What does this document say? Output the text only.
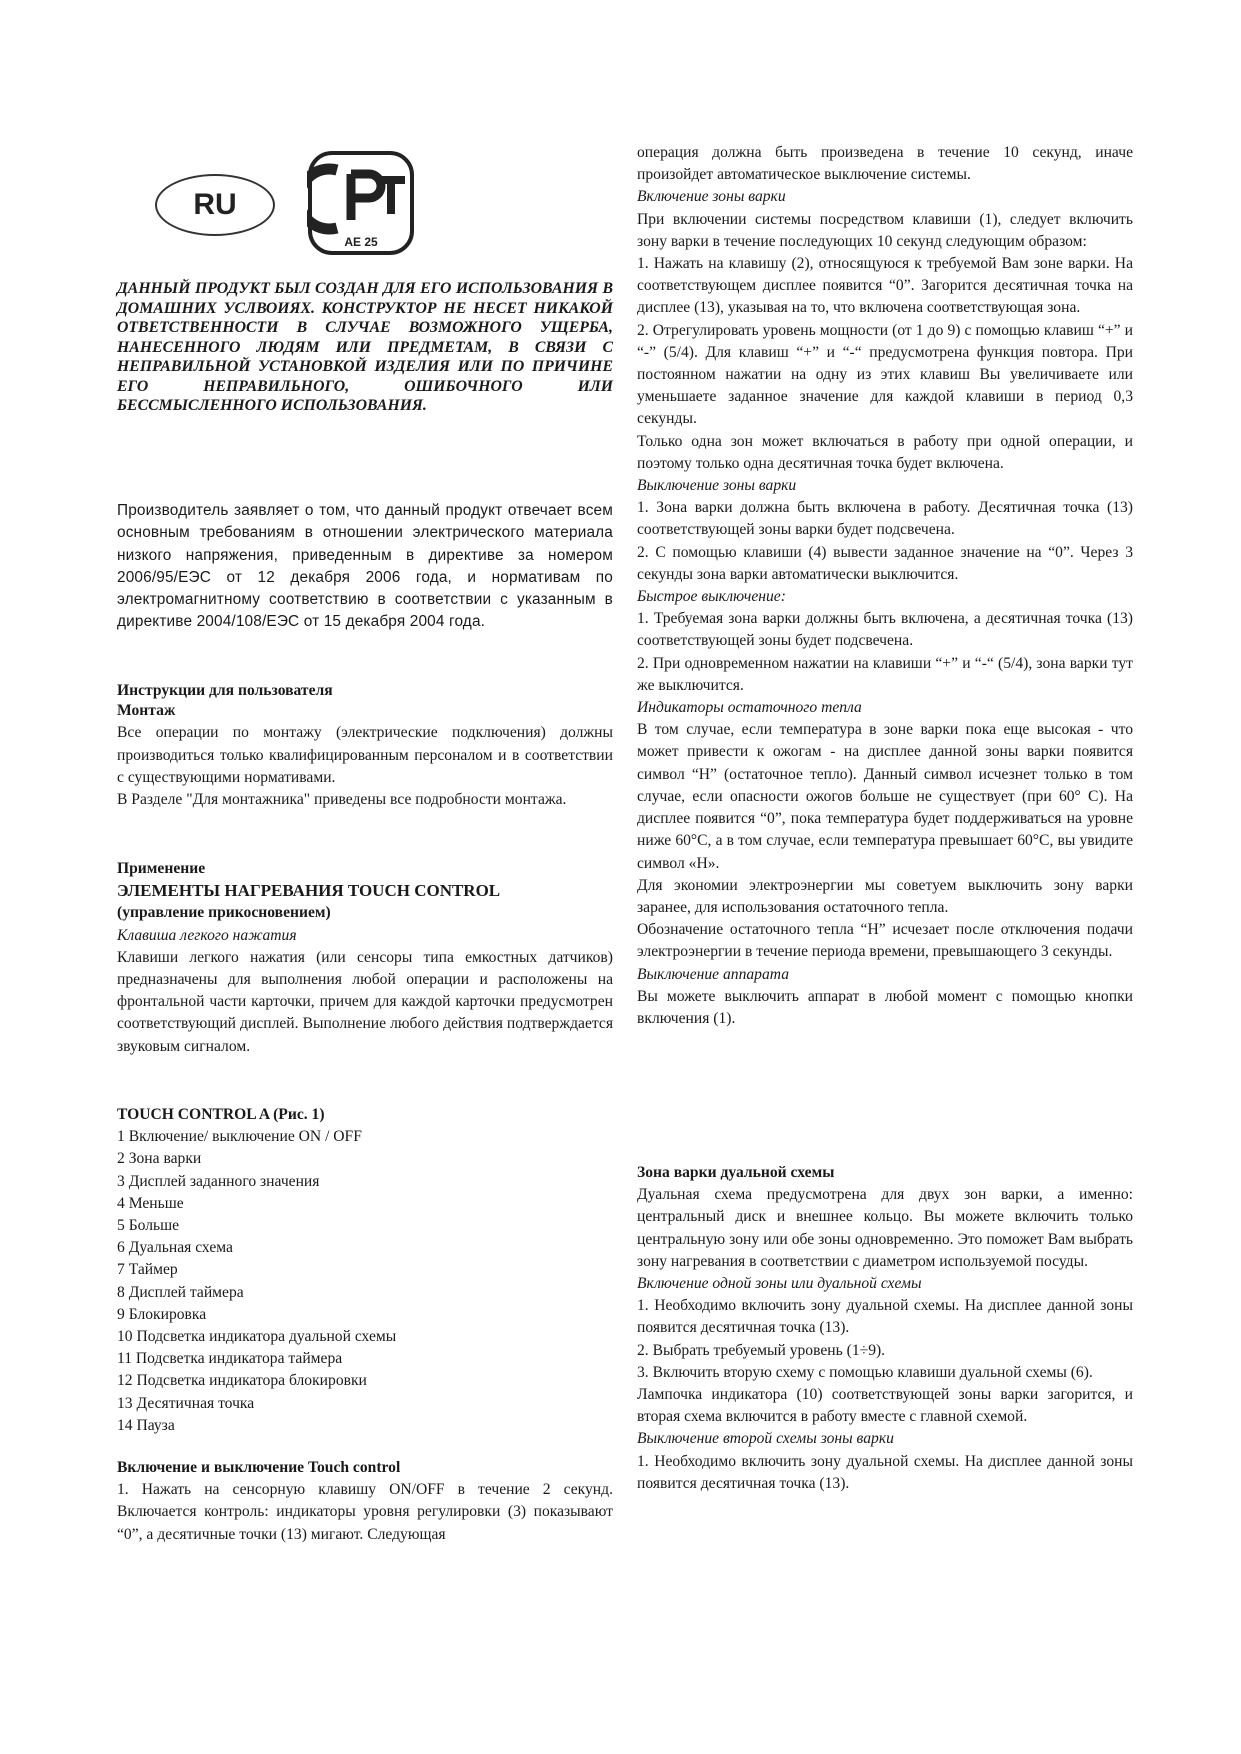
RU
AE 25

ДАННЫЙ ПРОДУКТ БЫЛ СОЗДАН ДЛЯ ЕГО ИСПОЛЬЗОВАНИЯ В ДОМАШНИХ УСЛВОИЯХ. КОНСТРУКТОР НЕ НЕСЕТ НИКАКОЙ ОТВЕТСТВЕННОСТИ В СЛУЧАЕ ВОЗМОЖНОГО УЩЕРБА, НАНЕСЕННОГО ЛЮДЯМ ИЛИ ПРЕДМЕТАМ, В СВЯЗИ С НЕПРАВИЛЬНОЙ УСТАНОВКОЙ ИЗДЕЛИЯ ИЛИ ПО ПРИЧИНЕ ЕГО НЕПРАВИЛЬНОГО, ОШИБОЧНОГО ИЛИ БЕССМЫСЛЕННОГО ИСПОЛЬЗОВАНИЯ.

Производитель заявляет о том, что данный продукт отвечает всем основным требованиям в отношении электрического материала низкого напряжения, приведенным в директиве за номером 2006/95/ЕЭС от 12 декабря 2006 года, и нормативам по электромагнитному соответствию в соответствии с указанным в директиве 2004/108/ЕЭС от 15 декабря 2004 года.

Инструкции для пользователя
Монтаж

Все операции по монтажу (электрические подключения) должны производиться только квалифицированным персоналом и в соответствии с существующими нормативами.

В Разделе "Для монтажника" приведены все подробности монтажа.

Применение
ЭЛЕМЕНТЫ НАГРЕВАНИЯ TOUCH CONTROL
(управление прикосновением)
Клавиша легкого нажатия

Клавиши легкого нажатия (или сенсоры типа емкостных датчиков) предназначены для выполнения любой операции и расположены на фронтальной части карточки, причем для каждой карточки предусмотрен соответствующий дисплей. Выполнение любого действия подтверждается звуковым сигналом.

TOUCH CONTROL A (Рис. 1)
1 Включение/ выключение ON / OFF
2 Зона варки
3 Дисплей заданного значения
4 Меньше
5 Больше
6 Дуальная схема
7 Таймер
8 Дисплей таймера
9 Блокировка
10 Подсветка индикатора дуальной схемы
11 Подсветка индикатора таймера
12 Подсветка индикатора блокировки
13 Десятичная точка
14 Пауза
Включение и выключение Touch control

1. Нажать на сенсорную клавишу ON/OFF в течение 2 секунд. Включается контроль: индикаторы уровня регулировки (3) показывают “0”, а десятичные точки (13) мигают. Следующая

операция должна быть произведена в течение 10 секунд, иначе произойдет автоматическое выключение системы.

Включение зоны варки

При включении системы посредством клавиши (1), следует включить зону варки в течение последующих 10 секунд следующим образом:

1. Нажать на клавишу (2), относящуюся к требуемой Вам зоне варки. На соответствующем дисплее появится “0”. Загорится десятичная точка на дисплее (13), указывая на то, что включена соответствующая зона.

2. Отрегулировать уровень мощности (от 1 до 9) с помощью клавиш “+” и “-” (5/4). Для клавиш “+” и “-“ предусмотрена функция повтора. При постоянном нажатии на одну из этих клавиш Вы увеличиваете или уменьшаете заданное значение для каждой клавиши в период 0,3 секунды.

Только одна зон может включаться в работу при одной операции, и поэтому только одна десятичная точка будет включена.

Выключение зоны варки

1. Зона варки должна быть включена в работу. Десятичная точка (13) соответствующей зоны варки будет подсвечена.

2. С помощью клавиши (4) вывести заданное значение на “0”. Через 3 секунды зона варки автоматически выключится.

Быстрое выключение:

1. Требуемая зона варки должны быть включена, а десятичная точка (13) соответствующей зоны будет подсвечена.

2. При одновременном нажатии на клавиши “+” и “-“ (5/4), зона варки тут же выключится.

Индикаторы остаточного тепла

В том случае, если температура в зоне варки пока еще высокая - что может привести к ожогам - на дисплее данной зоны варки появится символ “H” (остаточное тепло). Данный символ исчезнет только в том случае, если опасности ожогов больше не существует (при 60° C). На дисплее появится “0”, пока температура будет поддерживаться на уровне ниже 60°C, а в том случае, если температура превышает 60°C, вы увидите символ «H».

Для экономии электроэнергии мы советуем выключить зону варки заранее, для использования остаточного тепла.

Обозначение остаточного тепла “H” исчезает после отключения подачи электроэнергии в течение периода времени, превышающего 3 секунды.

Выключение аппарата

Вы можете выключить аппарат в любой момент с помощью кнопки включения (1).

Зона варки дуальной схемы

Дуальная схема предусмотрена для двух зон варки, а именно: центральный диск и внешнее кольцо. Вы можете включить только центральную зону или обе зоны одновременно. Это поможет Вам выбрать зону нагревания в соответствии с диаметром используемой посуды.

Включение одной зоны или дуальной схемы

1. Необходимо включить зону дуальной схемы. На дисплее данной зоны появится десятичная точка (13).

2. Выбрать требуемый уровень (1÷9).

3. Включить вторую схему с помощью клавиши дуальной схемы (6).

Лампочка индикатора (10) соответствующей зоны варки загорится, и вторая схема включится в работу вместе с главной схемой.

Выключение второй схемы зоны варки

1. Необходимо включить зону дуальной схемы. На дисплее данной зоны появится десятичная точка (13).
